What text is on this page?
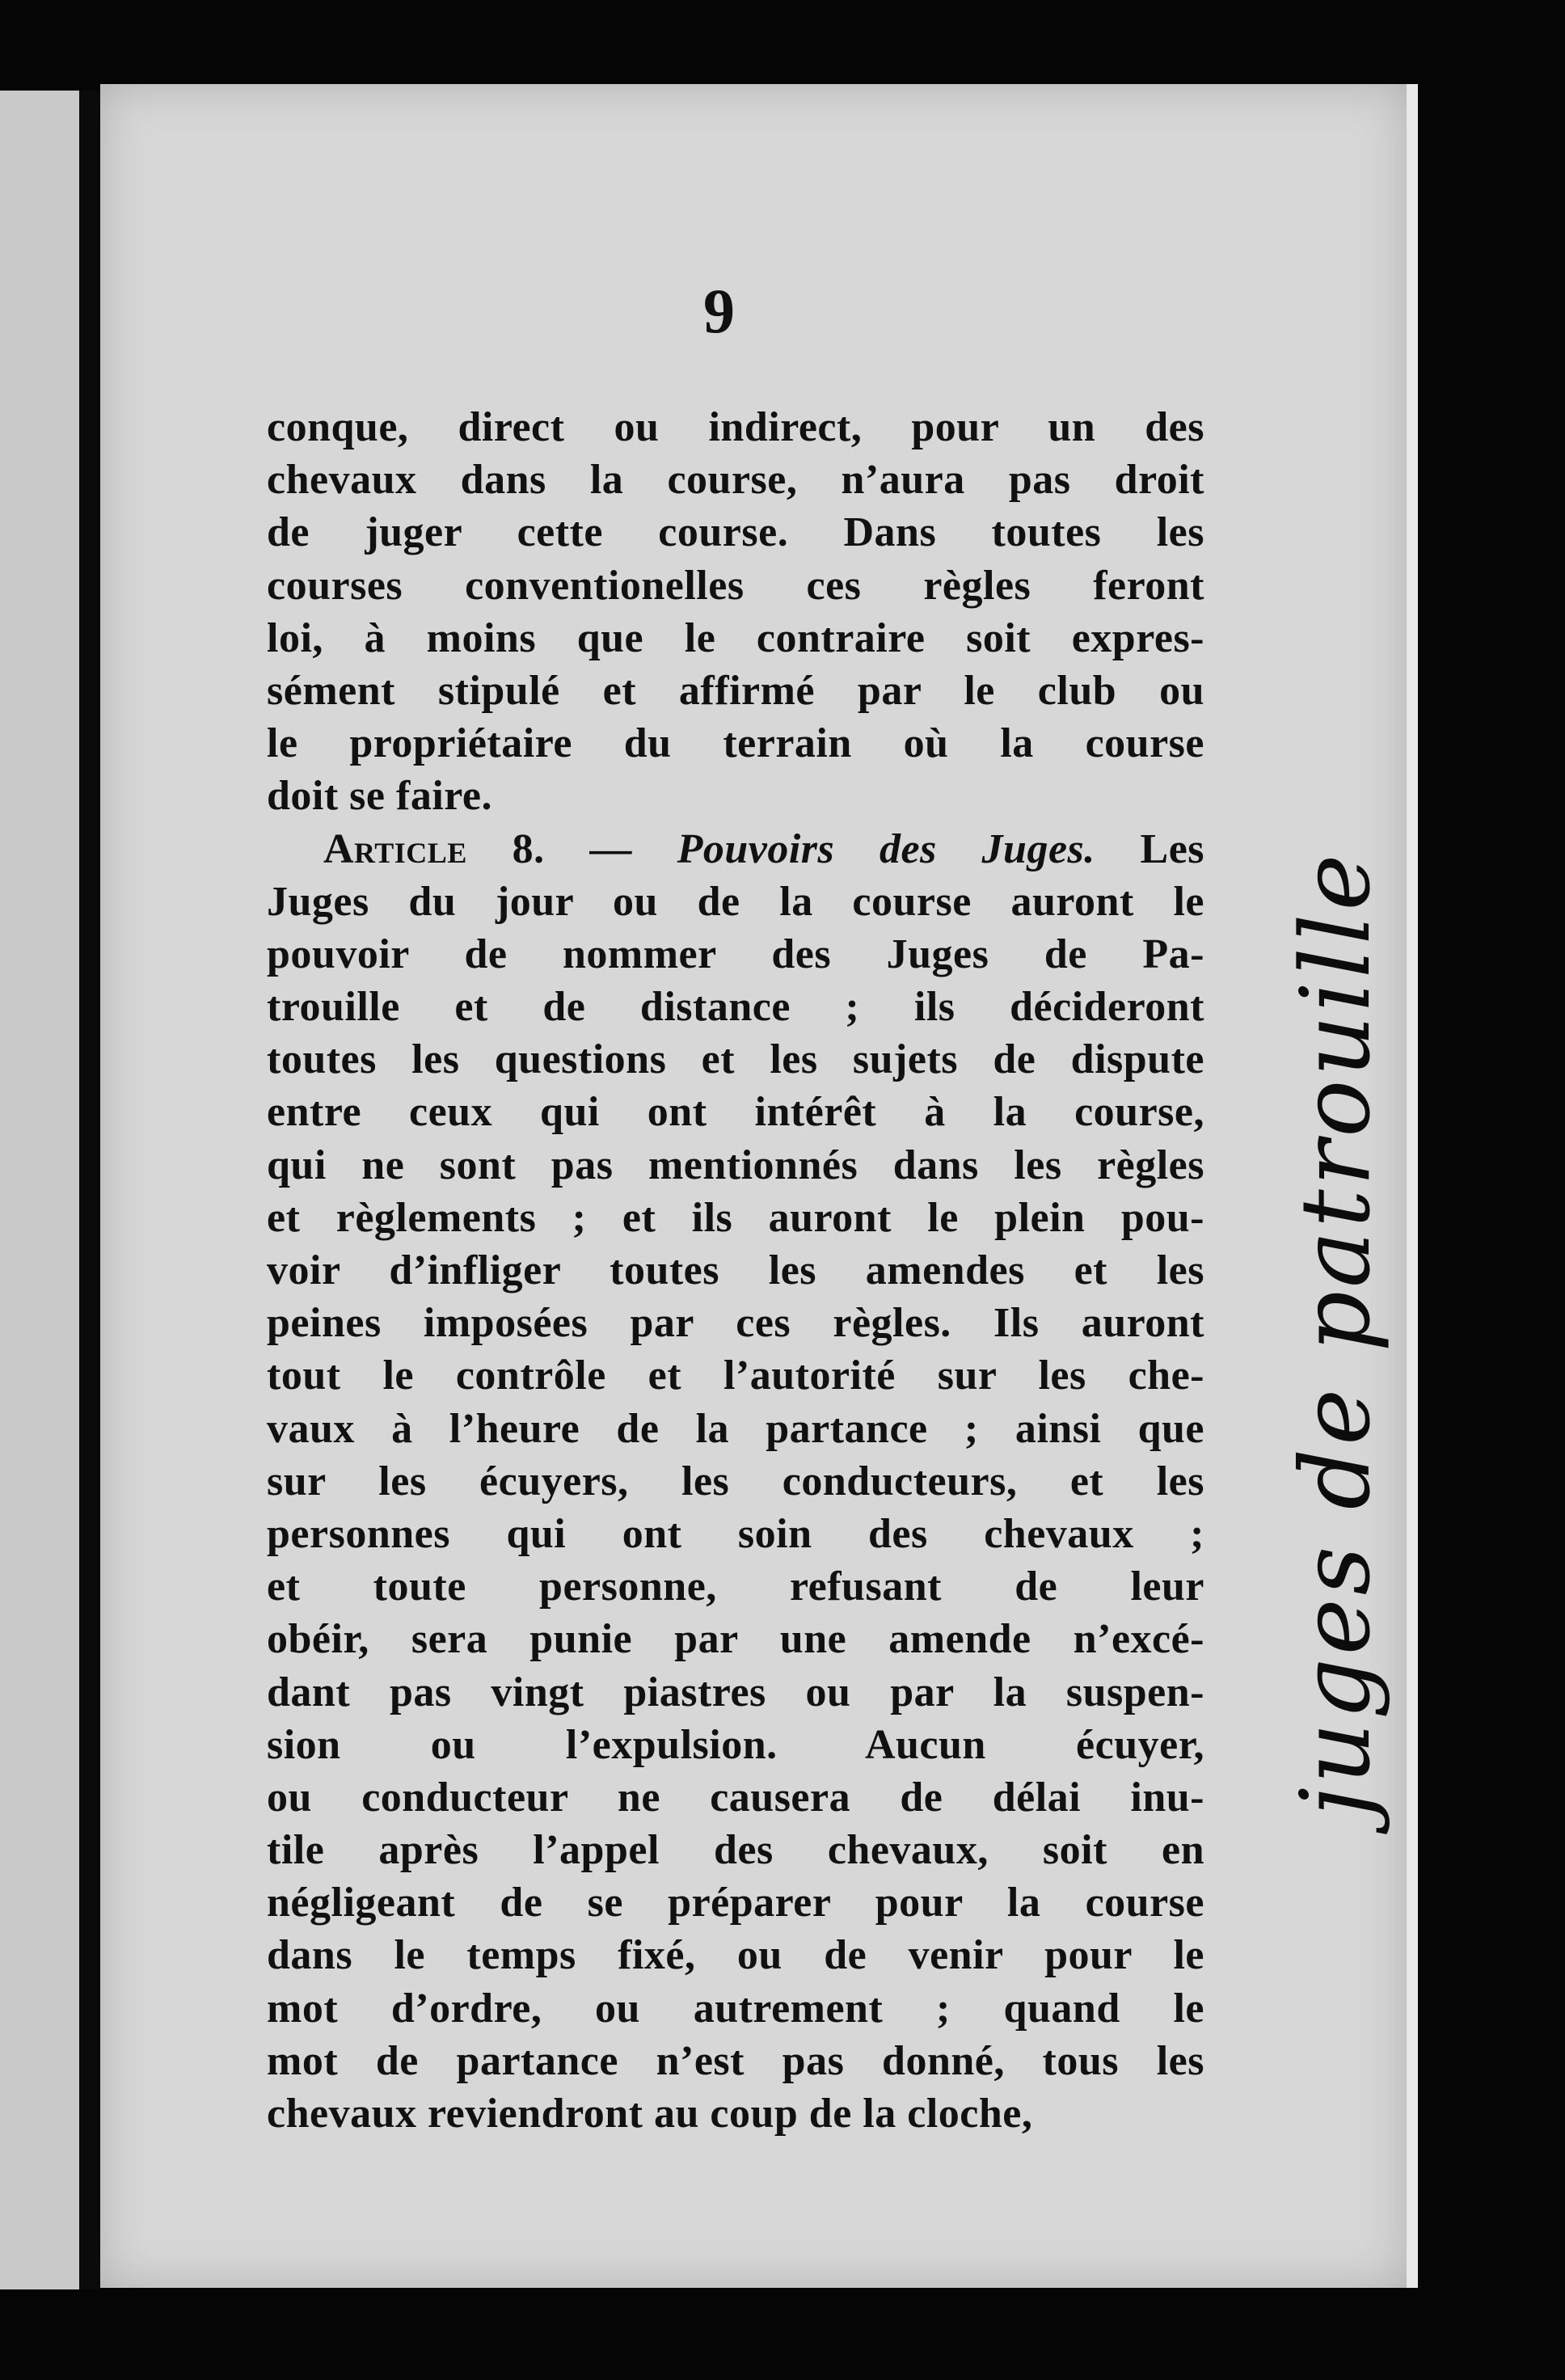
9
conque, direct ou indirect, pour un des
chevaux dans la course, n’aura pas droit
de juger cette course. Dans toutes les
courses conventionelles ces règles feront
loi, à moins que le contraire soit expres-
sément stipulé et affirmé par le club ou
le propriétaire du terrain où la course
doit se faire.
Article 8. — Pouvoirs des Juges. Les
Juges du jour ou de la course auront le
pouvoir de nommer des Juges de Pa-
trouille et de distance ; ils décideront
toutes les questions et les sujets de dispute
entre ceux qui ont intérêt à la course,
qui ne sont pas mentionnés dans les règles
et règlements ; et ils auront le plein pou-
voir d’infliger toutes les amendes et les
peines imposées par ces règles. Ils auront
tout le contrôle et l’autorité sur les che-
vaux à l’heure de la partance ; ainsi que
sur les écuyers, les conducteurs, et les
personnes qui ont soin des chevaux ;
et toute personne, refusant de leur
obéir, sera punie par une amende n’excé-
dant pas vingt piastres ou par la suspen-
sion ou l’expulsion. Aucun écuyer,
ou conducteur ne causera de délai inu-
tile après l’appel des chevaux, soit en
négligeant de se préparer pour la course
dans le temps fixé, ou de venir pour le
mot d’ordre, ou autrement ; quand le
mot de partance n’est pas donné, tous les
chevaux reviendront au coup de la cloche,
juges de patrouille
